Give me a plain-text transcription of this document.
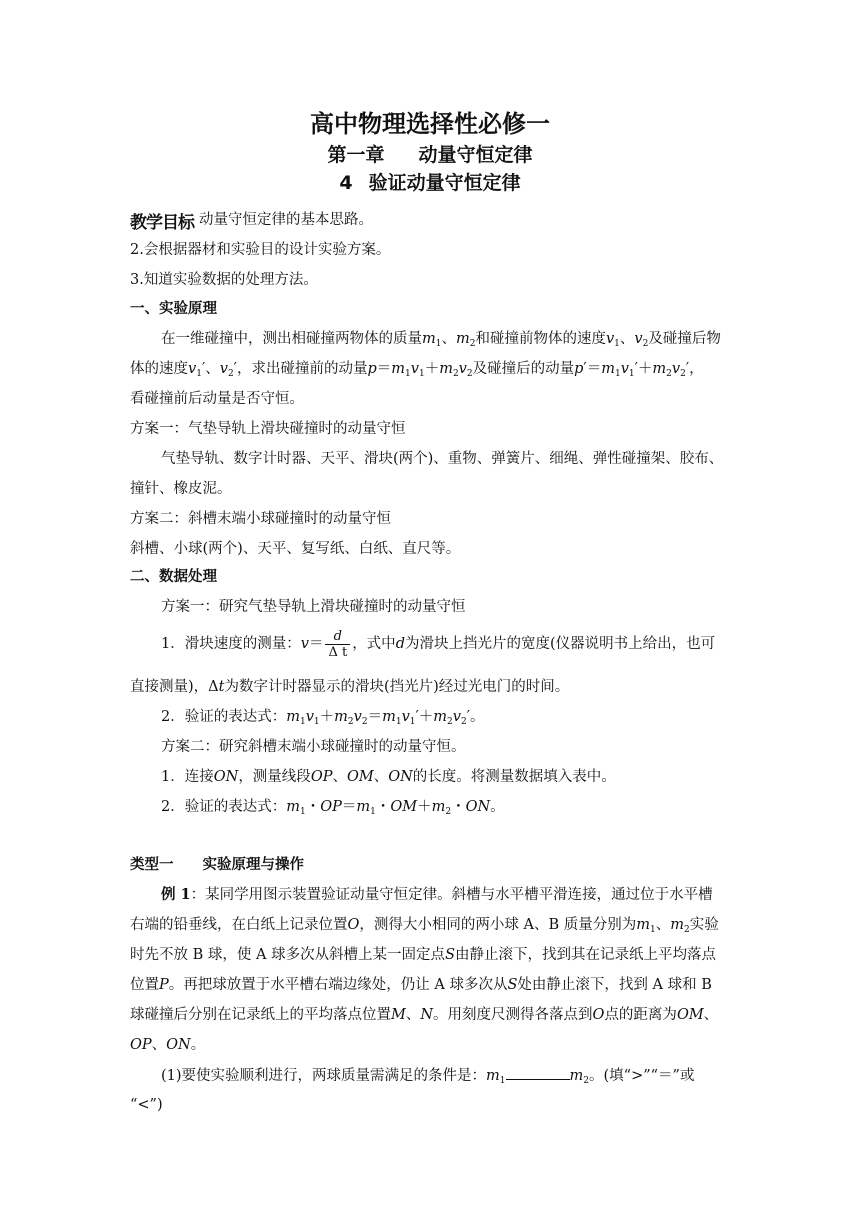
高中物理选择性必修一
第一章 动量守恒定律
4 验证动量守恒定律
动量守恒定律的基本思路。
教学目标
2.会根据器材和实验目的设计实验方案。
3.知道实验数据的处理方法。
一、实验原理
在一维碰撞中，测出相碰撞两物体的质量$m_1$、$m_2$和碰撞前物体的速度$v_1$、$v_2$及碰撞后物
体的速度$v_1'$、$v_2'$，求出碰撞前的动量$p=m_1v_1+m_2v_2$及碰撞后的动量$p'=m_1v_1'+m_2v_2'$，
看碰撞前后动量是否守恒。
方案一：气垫导轨上滑块碰撞时的动量守恒
气垫导轨、数字计时器、天平、滑块(两个)、重物、弹簧片、细绳、弹性碰撞架、胶布、
撞针、橡皮泥。
方案二：斜槽末端小球碰撞时的动量守恒
斜槽、小球(两个)、天平、复写纸、白纸、直尺等。
二、数据处理
方案一：研究气垫导轨上滑块碰撞时的动量守恒
1．滑块速度的测量：$v= \frac{d}{\text{Δ t}}$ ，式中d为滑块上挡光片的宽度(仪器说明书上给出，也可
直接测量)，Δt为数字计时器显示的滑块(挡光片)经过光电门的时间。
2．验证的表达式：$m_1v_1+m_2v_2=m_1v_1'+m_2v_2'$。
方案二：研究斜槽末端小球碰撞时的动量守恒。
1．连接ON，测量线段OP、OM、ON的长度。将测量数据填入表中。
2．验证的表达式：$m_1$・$OP=m_1$・$OM+m_2$・ON。
类型一　　实验原理与操作
例 1：某同学用图示装置验证动量守恒定律。斜槽与水平槽平滑连接，通过位于水平槽
右端的铅垂线，在白纸上记录位置O，测得大小相同的两小球 A、B 质量分别为$m_1$、$m_2$实验
时先不放 B 球，使 A 球多次从斜槽上某一固定点S由静止滚下，找到其在记录纸上平均落点
位置P。再把球放置于水平槽右端边缘处，仍让 A 球多次从S处由静止滚下，找到 A 球和 B
球碰撞后分别在记录纸上的平均落点位置M、N。用刻度尺测得各落点到O点的距离为OM、
OP、ON。
(1)要使实验顺利进行，两球质量需满足的条件是：$m_1$	$m_2$。(填“>”“＝”或
“<”)
